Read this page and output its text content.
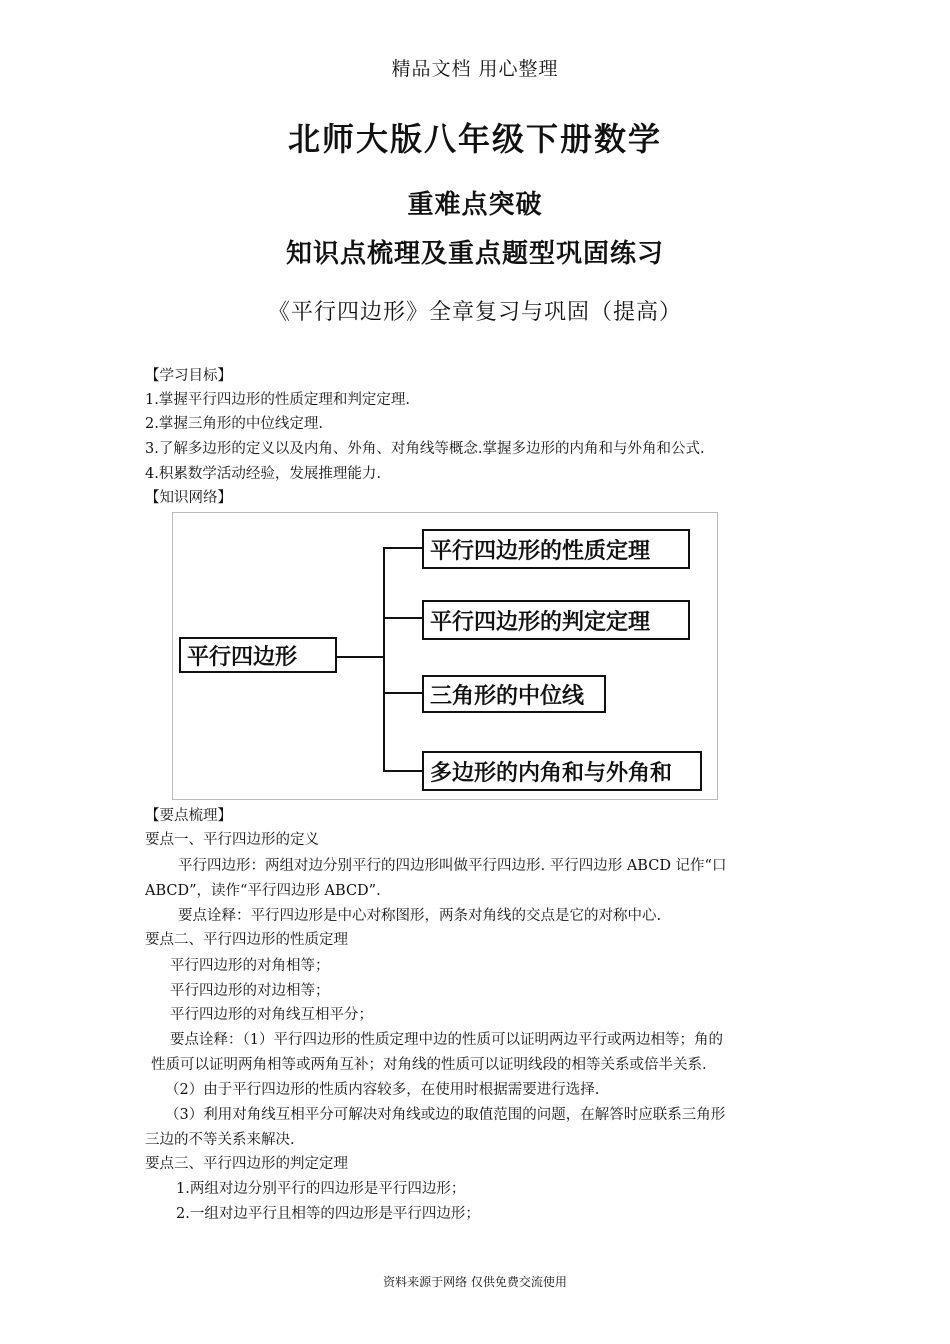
精品文档 用心整理
北师大版八年级下册数学
重难点突破
知识点梳理及重点题型巩固练习
《平行四边形》全章复习与巩固（提高）
【学习目标】
1.掌握平行四边形的性质定理和判定定理.
2.掌握三角形的中位线定理.
3.了解多边形的定义以及内角、外角、对角线等概念.掌握多边形的内角和与外角和公式.
4.积累数学活动经验，发展推理能力.
【知识网络】
平行四边形
平行四边形的性质定理
平行四边形的判定定理
三角形的中位线
多边形的内角和与外角和
【要点梳理】
要点一、平行四边形的定义
平行四边形：两组对边分别平行的四边形叫做平行四边形. 平行四边形 ABCD 记作“口
ABCD”，读作“平行四边形 ABCD”.
要点诠释：平行四边形是中心对称图形，两条对角线的交点是它的对称中心.
要点二、平行四边形的性质定理
平行四边形的对角相等；
平行四边形的对边相等；
平行四边形的对角线互相平分；
要点诠释：（1）平行四边形的性质定理中边的性质可以证明两边平行或两边相等；角的
性质可以证明两角相等或两角互补；对角线的性质可以证明线段的相等关系或倍半关系.
（2）由于平行四边形的性质内容较多，在使用时根据需要进行选择.
（3）利用对角线互相平分可解决对角线或边的取值范围的问题，在解答时应联系三角形
三边的不等关系来解决.
要点三、平行四边形的判定定理
1.两组对边分别平行的四边形是平行四边形；
2.一组对边平行且相等的四边形是平行四边形；
资料来源于网络 仅供免费交流使用
